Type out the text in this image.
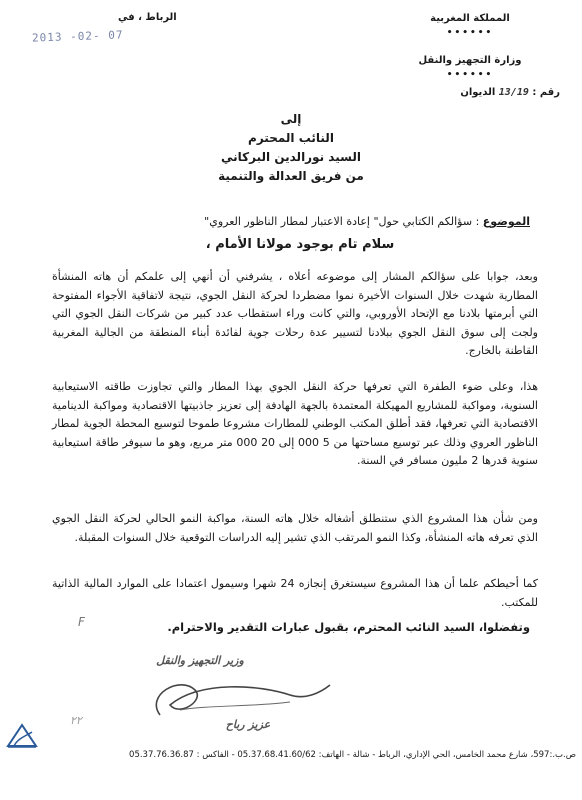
المملكة المغربية
••••••
وزارة التجهيز والنقل
••••••
رقم : 13/19 الديوان
الرباط ، في
2013 -02- 07
إلى
النائب المحترم
السيد نورالدين البركاني
من فريق العدالة والتنمية
الموضوع : سؤالكم الكتابي حول" إعادة الاعتبار لمطار الناظور العروي"
سلام تام بوجود مولانا الأمام ،
وبعد، جوابا على سؤالكم المشار إلى موضوعه أعلاه ، يشرفني أن أنهي إلى علمكم أن هاته المنشأة المطارية شهدت خلال السنوات الأخيرة نموا مضطردا لحركة النقل الجوي، نتيجة لاتفاقية الأجواء المفتوحة التي أبرمتها بلادنا مع الإتحاد الأوروبي، والتي كانت وراء استقطاب عدد كبير من شركات النقل الجوي التي ولجت إلى سوق النقل الجوي ببلادنا لتسيير عدة رحلات جوية لفائدة أبناء المنطقة من الجالية المغربية القاطنة بالخارج.
هذا، وعلى ضوء الطفرة التي تعرفها حركة النقل الجوي بهذا المطار والتي تجاوزت طاقته الاستيعابية السنوية، ومواكبة للمشاريع المهيكلة المعتمدة بالجهة الهادفة إلى تعزيز جاذبيتها الاقتصادية ومواكبة الدينامية الاقتصادية التي تعرفها، فقد أطلق المكتب الوطني للمطارات مشروعا طموحا لتوسيع المحطة الجوية لمطار الناظور العروي وذلك عبر توسيع مساحتها من 5 000 إلى 20 000 متر مربع، وهو ما سيوفر طاقة استيعابية سنوية قدرها 2 مليون مسافر في السنة.
ومن شأن هذا المشروع الذي ستنطلق أشغاله خلال هاته السنة، مواكبة النمو الحالي لحركة النقل الجوي الذي تعرفه هاته المنشأة، وكذا النمو المرتقب الذي تشير إليه الدراسات التوقعية خلال السنوات المقبلة.
كما أحيطكم علما أن هذا المشروع سيستغرق إنجازه 24 شهرا وسيمول اعتمادا على الموارد المالية الذاتية للمكتب.
وتفضلوا، السيد النائب المحترم، بقبول عبارات التقدير والاحترام.
F
وزير التجهيز والنقل
عزيز رباح
٢٢
ص.ب.:597، شارع محمد الخامس، الحي الإداري، الرباط - شالة - الهاتف: 05.37.68.41.60/62 - الفاكس : 05.37.76.36.87
